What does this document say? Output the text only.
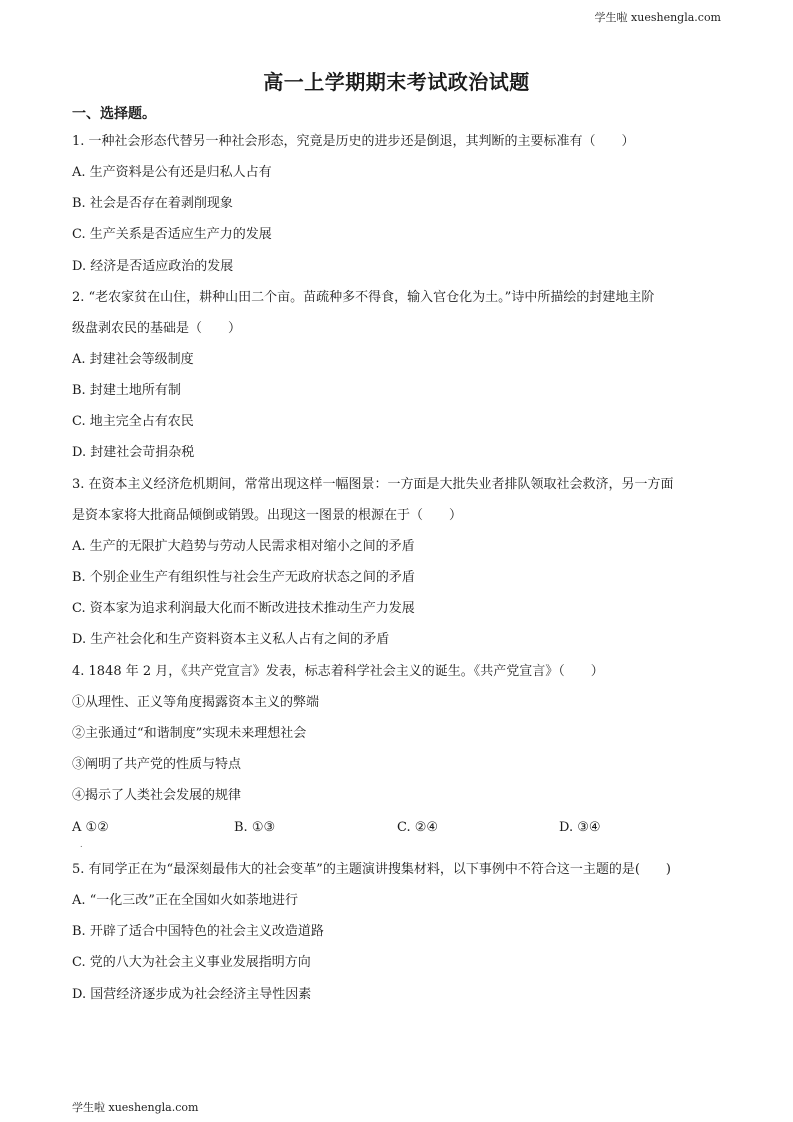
学生啦 xueshengla.com
高一上学期期末考试政治试题
一、选择题。
1. 一种社会形态代替另一种社会形态，究竟是历史的进步还是倒退，其判断的主要标准有（　　）
A. 生产资料是公有还是归私人占有
B. 社会是否存在着剥削现象
C. 生产关系是否适应生产力的发展
D. 经济是否适应政治的发展
2. “老农家贫在山住，耕种山田二个亩。苗疏种多不得食，输入官仓化为土。”诗中所描绘的封建地主阶
级盘剥农民的基础是（　　）
A. 封建社会等级制度
B. 封建土地所有制
C. 地主完全占有农民
D. 封建社会苛捐杂税
3. 在资本主义经济危机期间，常常出现这样一幅图景：一方面是大批失业者排队领取社会救济，另一方面
是资本家将大批商品倾倒或销毁。出现这一图景的根源在于（　　）
A. 生产的无限扩大趋势与劳动人民需求相对缩小之间的矛盾
B. 个别企业生产有组织性与社会生产无政府状态之间的矛盾
C. 资本家为追求利润最大化而不断改进技术推动生产力发展
D. 生产社会化和生产资料资本主义私人占有之间的矛盾
4. 1848 年 2 月，《共产党宣言》发表，标志着科学社会主义的诞生。《共产党宣言》（　　）
①从理性、正义等角度揭露资本主义的弊端
②主张通过“和谐制度”实现未来理想社会
③阐明了共产党的性质与特点
④揭示了人类社会发展的规律
A ①②	B. ①③	C. ②④	D. ③④
.
5. 有同学正在为“最深刻最伟大的社会变革”的主题演讲搜集材料，以下事例中不符合这一主题的是(　　)
A. “一化三改”正在全国如火如荼地进行
B. 开辟了适合中国特色的社会主义改造道路
C. 党的八大为社会主义事业发展指明方向
D. 国营经济逐步成为社会经济主导性因素
学生啦 xueshengla.com
